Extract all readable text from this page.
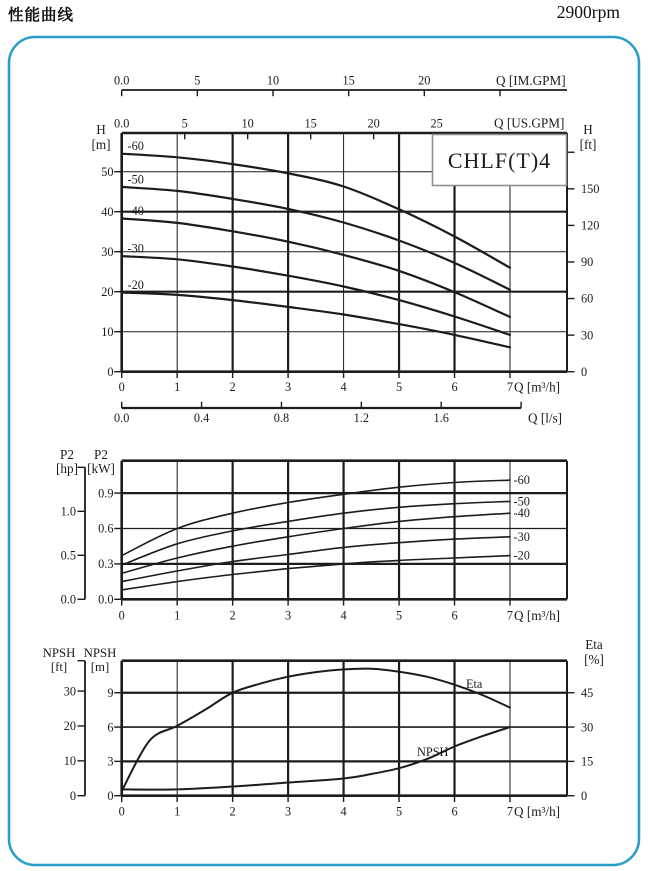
性能曲线	2900rpm
0.0	5	10	15	20	Q [IM.GPM]
0.0	5	10	15	20	25	Q [US.GPM]
0
10
20
30
40
50
H
[m]
0
30
60
90
120
150
H
[ft]
-60
-50
-40
-30
-20
CHLF(T)4
0	1	2	3	4	5	6	7 Q [m³/h]
0.0	0.4	0.8	1.2	1.6	Q [l/s]
0.0
0.3
0.6
0.9
P2
[kW]
0.0
0.5
1.0
P2
[hp]
-60
-50
-40
-30
-20
0	1	2	3	4	5	6	7 Q [m³/h]
0
3
6
9
NPSH
[m]
0
10
20
30
NPSH
[ft]
0
15
30
45
Eta
[%]
Eta
NPSH
0	1	2	3	4	5	6	7 Q [m³/h]
